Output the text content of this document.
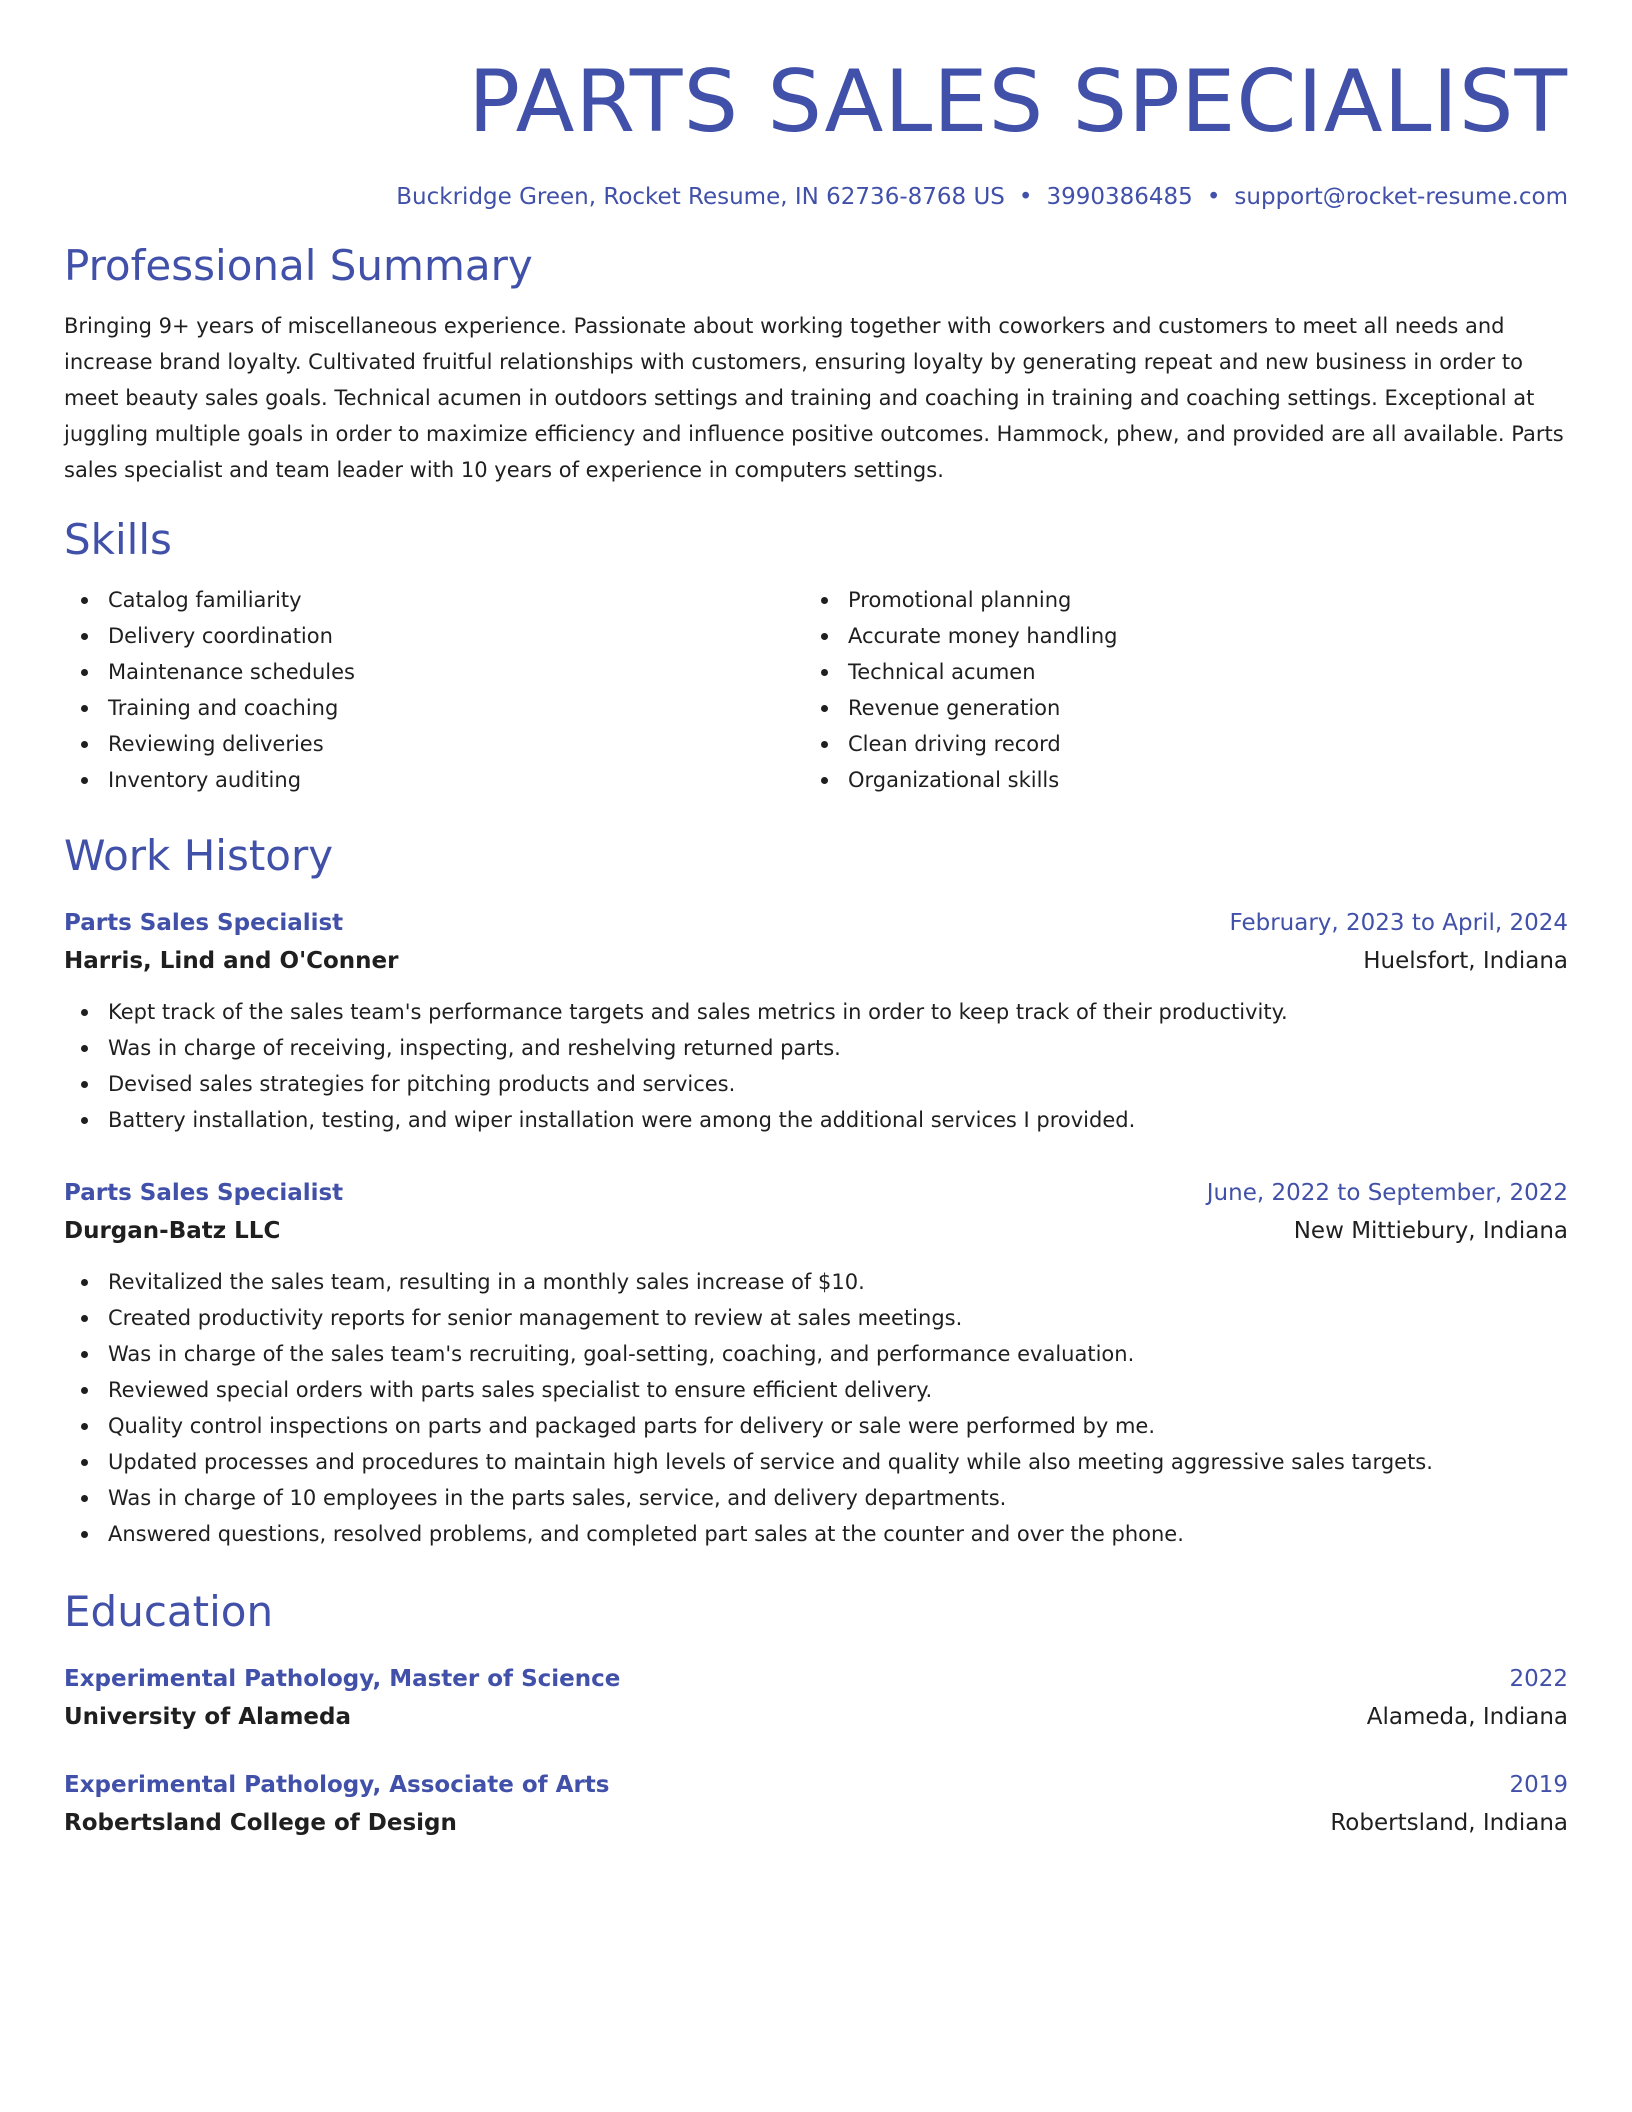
PARTS SALES SPECIALIST
Buckridge Green, Rocket Resume, IN 62736-8768 US • 3990386485 • support@rocket-resume.com
Professional Summary
Bringing 9+ years of miscellaneous experience. Passionate about working together with coworkers and customers to meet all needs and increase brand loyalty. Cultivated fruitful relationships with customers, ensuring loyalty by generating repeat and new business in order to meet beauty sales goals. Technical acumen in outdoors settings and training and coaching in training and coaching settings. Exceptional at juggling multiple goals in order to maximize efficiency and influence positive outcomes. Hammock, phew, and provided are all available. Parts sales specialist and team leader with 10 years of experience in computers settings.
Skills
Catalog familiarity
Delivery coordination
Maintenance schedules
Training and coaching
Reviewing deliveries
Inventory auditing
Promotional planning
Accurate money handling
Technical acumen
Revenue generation
Clean driving record
Organizational skills
Work History
Parts Sales Specialist	February, 2023 to April, 2024
Harris, Lind and O'Conner	Huelsfort, Indiana
Kept track of the sales team's performance targets and sales metrics in order to keep track of their productivity.
Was in charge of receiving, inspecting, and reshelving returned parts.
Devised sales strategies for pitching products and services.
Battery installation, testing, and wiper installation were among the additional services I provided.
Parts Sales Specialist	June, 2022 to September, 2022
Durgan-Batz LLC	New Mittiebury, Indiana
Revitalized the sales team, resulting in a monthly sales increase of $10.
Created productivity reports for senior management to review at sales meetings.
Was in charge of the sales team's recruiting, goal-setting, coaching, and performance evaluation.
Reviewed special orders with parts sales specialist to ensure efficient delivery.
Quality control inspections on parts and packaged parts for delivery or sale were performed by me.
Updated processes and procedures to maintain high levels of service and quality while also meeting aggressive sales targets.
Was in charge of 10 employees in the parts sales, service, and delivery departments.
Answered questions, resolved problems, and completed part sales at the counter and over the phone.
Education
Experimental Pathology, Master of Science	2022
University of Alameda	Alameda, Indiana
Experimental Pathology, Associate of Arts	2019
Robertsland College of Design	Robertsland, Indiana
